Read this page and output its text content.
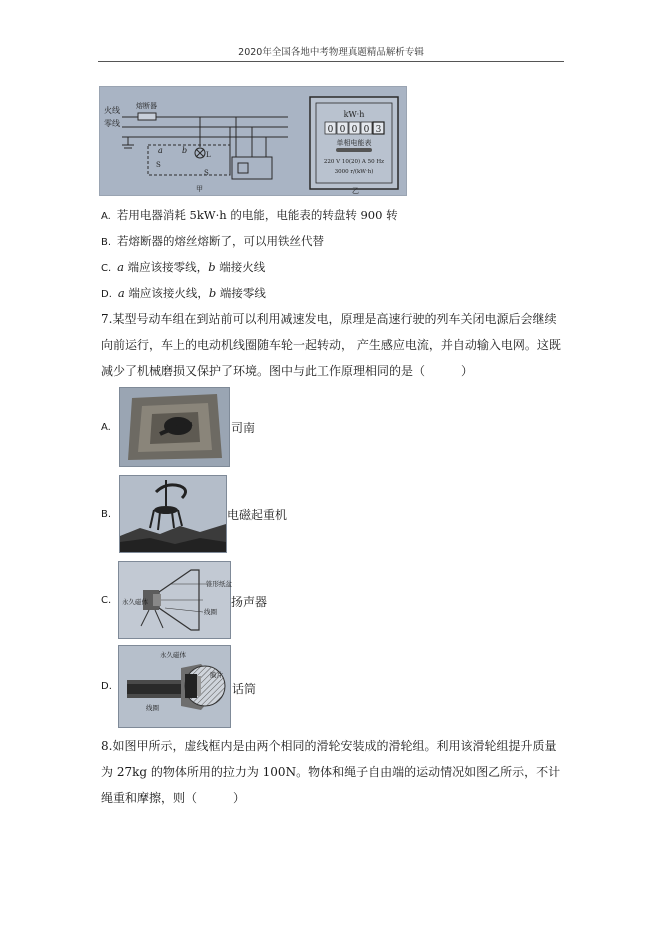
2020年全国各地中考物理真题精品解析专辑
火线
零线
熔断器
a b
S
S
L
甲
kW·h
0 0 0 0 3
单相电能表
220 V 10(20) A 50 Hz
3000 r/(kW·h)
乙
A. 若用电器消耗 5kW·h 的电能，电能表的转盘转 900 转
B. 若熔断器的熔丝熔断了，可以用铁丝代替
C. a 端应该接零线，b 端接火线
D. a 端应该接火线，b 端接零线
7.某型号动车组在到站前可以利用减速发电，原理是高速行驶的列车关闭电源后会继续向前运行，车上的电动机线圈随车轮一起转动， 产生感应电流，并自动输入电网。这既减少了机械磨损又保护了环境。图中与此工作原理相同的是（　　　）
A.	司南
B.	电磁起重机
C.
锥形纸盆
永久磁体
线圈
扬声器
D.
永久磁体
膜片
线圈
话筒
8.如图甲所示，虚线框内是由两个相同的滑轮安装成的滑轮组。利用该滑轮组提升质量为 27kg 的物体所用的拉力为 100N。物体和绳子自由端的运动情况如图乙所示，不计绳重和摩擦，则（　　　）
